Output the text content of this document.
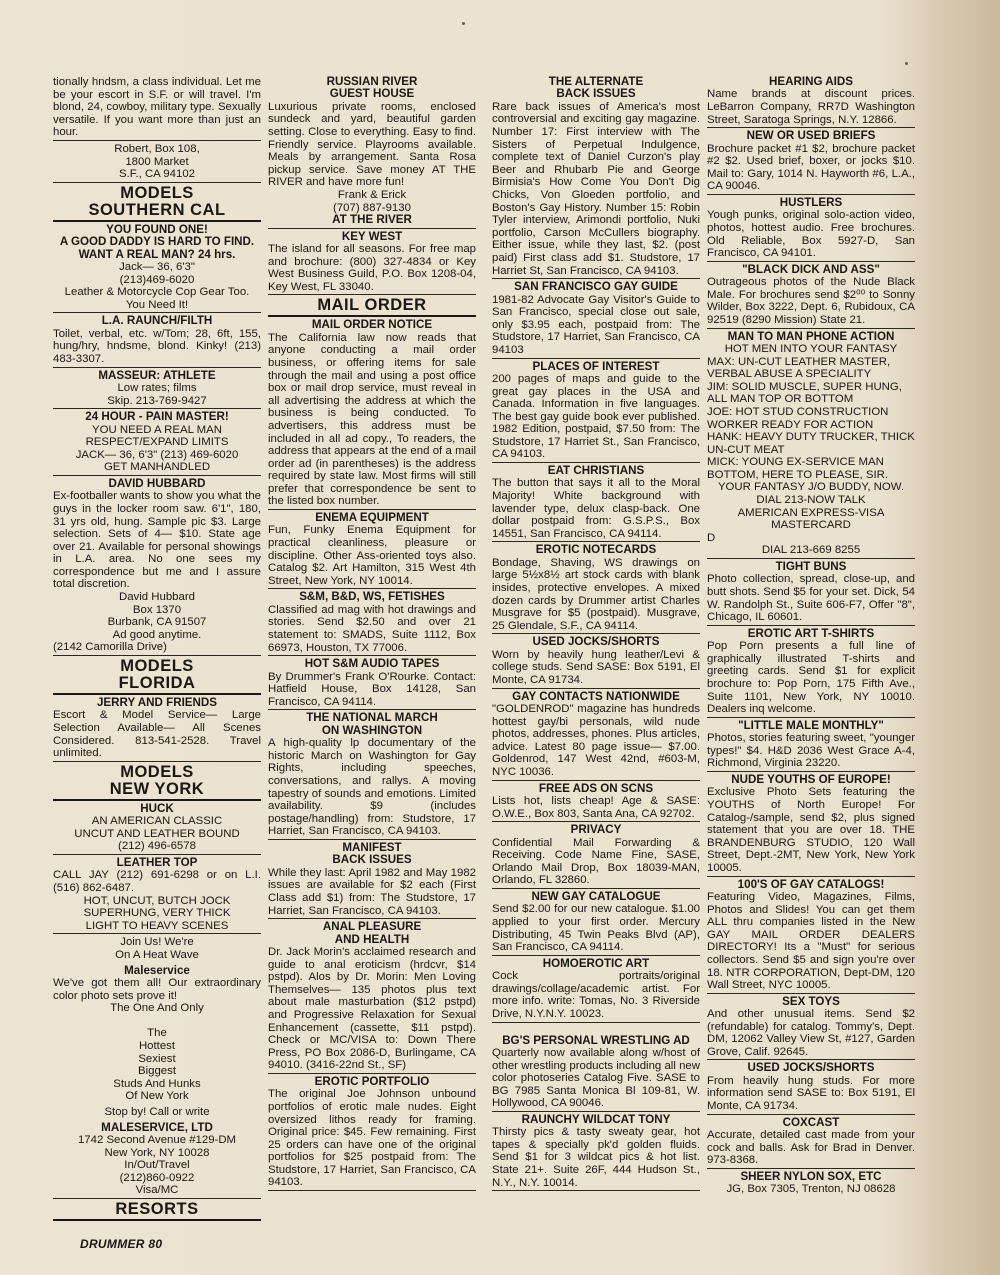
tionally hndsm, a class individual. Let me be your escort in S.F. or will travel. I'm blond, 24, cowboy, military type. Sexually versatile. If you want more than just an hour.

Robert, Box 108,
1800 Market
S.F., CA 94102

MODELS
SOUTHERN CAL

YOU FOUND ONE!
A GOOD DADDY IS HARD TO FIND.
WANT A REAL MAN? 24 hrs.

Jack— 36, 6'3"
(213)469-6020
Leather & Motorcycle Cop Gear Too.
You Need It!

L.A. RAUNCH/FILTH

Toilet, verbal, etc. w/Tom; 28, 6ft, 155, hung/hry, hndsme, blond. Kinky! (213) 483-3307.

MASSEUR: ATHLETE

Low rates; films
Skip. 213-769-9427

24 HOUR - PAIN MASTER!

YOU NEED A REAL MAN
RESPECT/EXPAND LIMITS
JACK— 36, 6'3" (213) 469-6020
GET MANHANDLED

DAVID HUBBARD

Ex-footballer wants to show you what the guys in the locker room saw. 6'1", 180, 31 yrs old, hung. Sample pic $3. Large selection. Sets of 4— $10. State age over 21. Available for personal showings in L.A. area. No one sees my correspondence but me and I assure total discretion.

David Hubbard
Box 1370
Burbank, CA 91507
Ad good anytime.

(2142 Camorilla Drive)

MODELS
FLORIDA

JERRY AND FRIENDS

Escort & Model Service— Large Selection Available— All Scenes Considered. 813-541-2528. Travel unlimited.

MODELS
NEW YORK

HUCK

AN AMERICAN CLASSIC
UNCUT AND LEATHER BOUND
(212) 496-6578

LEATHER TOP

CALL JAY (212) 691-6298 or on L.I. (516) 862-6487.

HOT, UNCUT, BUTCH JOCK
SUPERHUNG, VERY THICK
LIGHT TO HEAVY SCENES

Join Us! We're
On A Heat Wave

Maleservice

We've got them all! Our extraordinary color photo sets prove it!

The One And Only

The
Hottest
Sexiest
Biggest
Studs And Hunks
Of New York

Stop by! Call or write

MALESERVICE, LTD

1742 Second Avenue #129-DM
New York, NY 10028
In/Out/Travel
(212)860-0922
Visa/MC

RESORTS

RUSSIAN RIVER
GUEST HOUSE

Luxurious private rooms, enclosed sundeck and yard, beautiful garden setting. Close to everything. Easy to find. Friendly service. Playrooms available. Meals by arrangement. Santa Rosa pickup service. Save money AT THE RIVER and have more fun!

Frank & Erick
(707) 887-9130

AT THE RIVER

KEY WEST

The island for all seasons. For free map and brochure: (800) 327-4834 or Key West Business Guild, P.O. Box 1208-04, Key West, FL 33040.

MAIL ORDER

MAIL ORDER NOTICE

The California law now reads that anyone conducting a mail order business, or offering items for sale through the mail and using a post office box or mail drop service, must reveal in all advertising the address at which the business is being conducted. To advertisers, this address must be included in all ad copy., To readers, the address that appears at the end of a mail order ad (in parentheses) is the address required by state law. Most firms will still prefer that correspondence be sent to the listed box number.

ENEMA EQUIPMENT

Fun, Funky Enema Equipment for practical cleanliness, pleasure or discipline. Other Ass-oriented toys also. Catalog $2. Art Hamilton, 315 West 4th Street, New York, NY 10014.

S&M, B&D, WS, FETISHES

Classified ad mag with hot drawings and stories. Send $2.50 and over 21 statement to: SMADS, Suite 1112, Box 66973, Houston, TX 77006.

HOT S&M AUDIO TAPES

By Drummer's Frank O'Rourke. Contact: Hatfield House, Box 14128, San Francisco, CA 94114.

THE NATIONAL MARCH
ON WASHINGTON

A high-quality lp documentary of the historic March on Washington for Gay Rights, including speeches, conversations, and rallys. A moving tapestry of sounds and emotions. Limited availability. $9 (includes postage/handling) from: Studstore, 17 Harriet, San Francisco, CA 94103.

MANIFEST
BACK ISSUES

While they last: April 1982 and May 1982 issues are available for $2 each (First Class add $1) from: The Studstore, 17 Harriet, San Francisco, CA 94103.

ANAL PLEASURE
AND HEALTH

Dr. Jack Morin's acclaimed research and guide to anal eroticism (hrdcvr, $14 pstpd). Alos by Dr. Morin: Men Loving Themselves— 135 photos plus text about male masturbation ($12 pstpd) and Progressive Relaxation for Sexual Enhancement (cassette, $11 pstpd). Check or MC/VISA to: Down There Press, PO Box 2086-D, Burlingame, CA 94010. (3416-22nd St., SF)

EROTIC PORTFOLIO

The original Joe Johnson unbound portfolios of erotic male nudes. Eight oversized lithos ready for framing. Original price: $45. Few remaining. First 25 orders can have one of the original portfolios for $25 postpaid from: The Studstore, 17 Harriet, San Francisco, CA 94103.

THE ALTERNATE
BACK ISSUES

Rare back issues of America's most controversial and exciting gay magazine. Number 17: First interview with The Sisters of Perpetual Indulgence, complete text of Daniel Curzon's play Beer and Rhubarb Pie and George Birmisia's How Come You Don't Dig Chicks, Von Gloeden portfolio, and Boston's Gay History. Number 15: Robin Tyler interview, Arimondi portfolio, Nuki portfolio, Carson McCullers biography. Either issue, while they last, $2. (post paid) First class add $1. Studstore, 17 Harriet St, San Francisco, CA 94103.

SAN FRANCISCO GAY GUIDE

1981-82 Advocate Gay Visitor's Guide to San Francisco, special close out sale, only $3.95 each, postpaid from: The Studstore, 17 Harriet, San Francisco, CA 94103

PLACES OF INTEREST

200 pages of maps and guide to the great gay places in the USA and Canada. Information in five languages. The best gay guide book ever published. 1982 Edition, postpaid, $7.50 from: The Studstore, 17 Harriet St., San Francisco, CA 94103.

EAT CHRISTIANS

The button that says it all to the Moral Majority! White background with lavender type, delux clasp-back. One dollar postpaid from: G.S.P.S., Box 14551, San Francisco, CA 94114.

EROTIC NOTECARDS

Bondage, Shaving, WS drawings on large 5½x8½ art stock cards with blank insides, protective envelopes. A mixed dozen cards by Drummer artist Charles Musgrave for $5 (postpaid). Musgrave, 25 Glendale, S.F., CA 94114.

USED JOCKS/SHORTS

Worn by heavily hung leather/Levi & college studs. Send SASE: Box 5191, El Monte, CA 91734.

GAY CONTACTS NATIONWIDE

"GOLDENROD" magazine has hundreds hottest gay/bi personals, wild nude photos, addresses, phones. Plus articles, advice. Latest 80 page issue— $7.00. Goldenrod, 147 West 42nd, #603-M, NYC 10036.

FREE ADS ON SCNS

Lists hot, lists cheap! Age & SASE: O.W.E., Box 803, Santa Ana, CA 92702.

PRIVACY

Confidential Mail Forwarding & Receiving. Code Name Fine, SASE, Orlando Mail Drop, Box 18039-MAN, Orlando, FL 32860.

NEW GAY CATALOGUE

Send $2.00 for our new catalogue. $1.00 applied to your first order. Mercury Distributing, 45 Twin Peaks Blvd (AP), San Francisco, CA 94114.

HOMOEROTIC ART

Cock portraits/original drawings/collage/academic artist. For more info. write: Tomas, No. 3 Riverside Drive, N.Y.N.Y. 10023.

BG'S PERSONAL WRESTLING AD

Quarterly now available along w/host of other wrestling products including all new color photoseries Catalog Five. SASE to BG 7985 Santa Monica Bl 109-81, W. Hollywood, CA 90046.

RAUNCHY WILDCAT TONY

Thirsty pics & tasty sweaty gear, hot tapes & specially pk'd golden fluids. Send $1 for 3 wildcat pics & hot list. State 21+. Suite 26F, 444 Hudson St., N.Y., N.Y. 10014.

HEARING AIDS

Name brands at discount prices. LeBarron Company, RR7D Washington Street, Saratoga Springs, N.Y. 12866.

NEW OR USED BRIEFS

Brochure packet #1 $2, brochure packet #2 $2. Used brief, boxer, or jocks $10. Mail to: Gary, 1014 N. Hayworth #6, L.A., CA 90046.

HUSTLERS

Yough punks, original solo-action video, photos, hottest audio. Free brochures. Old Reliable, Box 5927-D, San Francisco, CA 94101.

"BLACK DICK AND ASS"

Outrageous photos of the Nude Black Male. For brochures send $2⁰⁰ to Sonny Wilder, Box 3222, Dept. 6, Rubidoux, CA 92519 (8290 Mission) State 21.

MAN TO MAN PHONE ACTION

HOT MEN INTO YOUR FANTASY

MAX: UN-CUT LEATHER MASTER, VERBAL ABUSE A SPECIALITY
JIM: SOLID MUSCLE, SUPER HUNG, ALL MAN TOP OR BOTTOM
JOE: HOT STUD CONSTRUCTION WORKER READY FOR ACTION
HANK: HEAVY DUTY TRUCKER, THICK UN-CUT MEAT
MICK: YOUNG EX-SERVICE MAN BOTTOM, HERE TO PLEASE, SIR.

YOUR FANTASY J/O BUDDY, NOW.
DIAL 213-NOW TALK
AMERICAN EXPRESS-VISA
MASTERCARD

D

DIAL 213-669 8255

TIGHT BUNS

Photo collection, spread, close-up, and butt shots. Send $5 for your set. Dick, 54 W. Randolph St., Suite 606-F7, Offer "8", Chicago, IL 60601.

EROTIC ART T-SHIRTS

Pop Porn presents a full line of graphically illustrated T-shirts and greeting cards. Send $1 for explicit brochure to: Pop Porn, 175 Fifth Ave., Suite 1101, New York, NY 10010. Dealers inq welcome.

"LITTLE MALE MONTHLY"

Photos, stories featuring sweet, "younger types!" $4. H&D 2036 West Grace A-4, Richmond, Virginia 23220.

NUDE YOUTHS OF EUROPE!

Exclusive Photo Sets featuring the YOUTHS of North Europe! For Catalog-/sample, send $2, plus signed statement that you are over 18. THE BRANDENBURG STUDIO, 120 Wall Street, Dept.-2MT, New York, New York 10005.

100'S OF GAY CATALOGS!

Featuring Video, Magazines, Films, Photos and Slides! You can get them ALL thru companies listed in the New GAY MAIL ORDER DEALERS DIRECTORY! Its a "Must" for serious collectors. Send $5 and sign you're over 18. NTR CORPORATION, Dept-DM, 120 Wall Street, NYC 10005.

SEX TOYS

And other unusual items. Send $2 (refundable) for catalog. Tommy's, Dept. DM, 12062 Valley View St, #127, Garden Grove, Calif. 92645.

USED JOCKS/SHORTS

From heavily hung studs. For more information send SASE to: Box 5191, El Monte, CA 91734.

COXCAST

Accurate, detailed cast made from your cock and balls. Ask for Brad in Denver. 973-8368.

SHEER NYLON SOX, ETC

JG, Box 7305, Trenton, NJ 08628

DRUMMER 80
